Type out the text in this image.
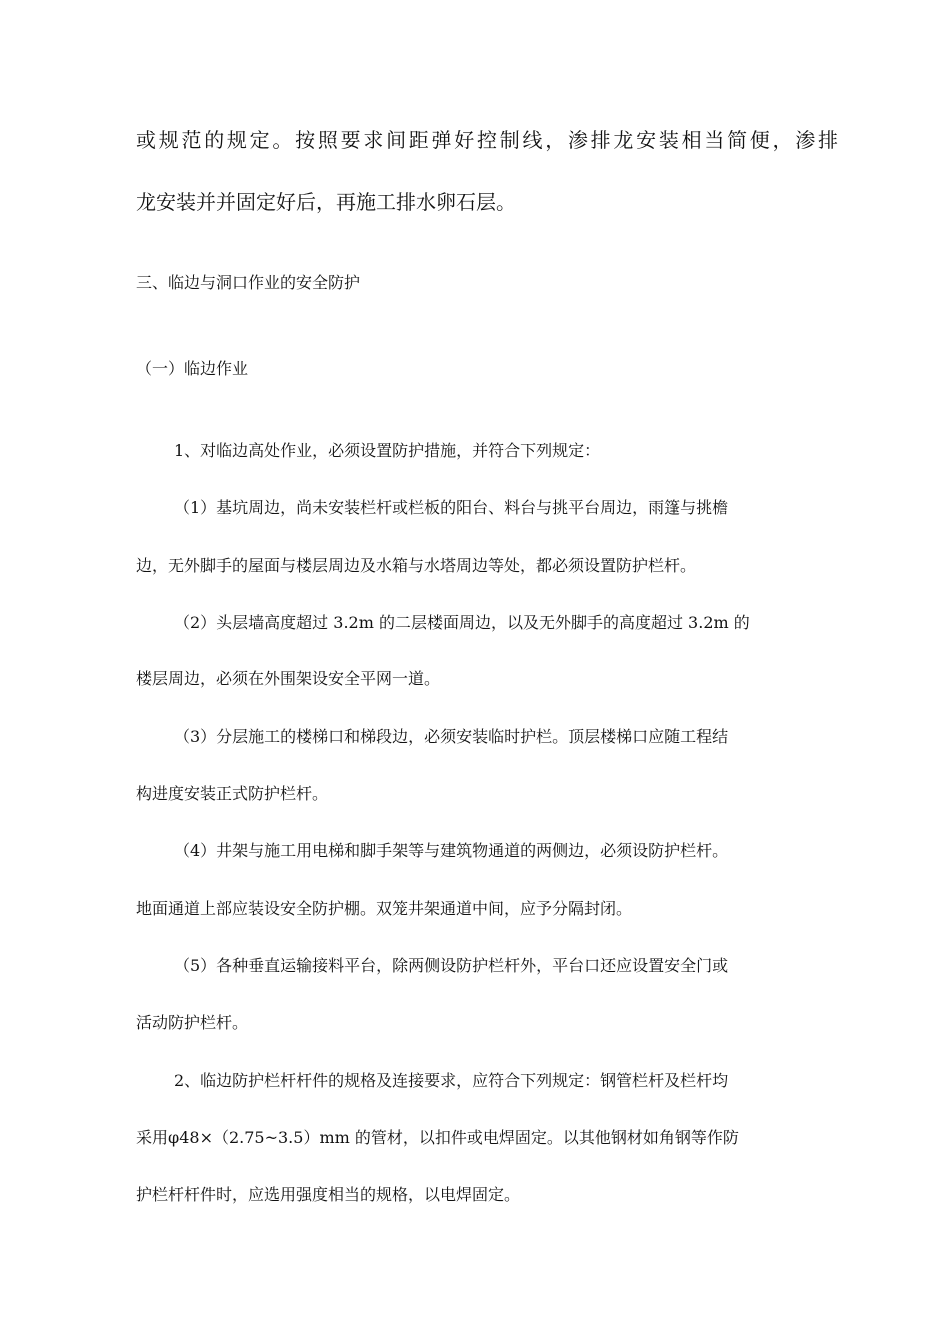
或规范的规定。按照要求间距弹好控制线，渗排龙安装相当简便，渗排
龙安装并并固定好后，再施工排水卵石层。
三、临边与洞口作业的安全防护
（一）临边作业
1、对临边高处作业，必须设置防护措施，并符合下列规定：
（1）基坑周边，尚未安装栏杆或栏板的阳台、料台与挑平台周边，雨篷与挑檐
边，无外脚手的屋面与楼层周边及水箱与水塔周边等处，都必须设置防护栏杆。
（2）头层墙高度超过 3.2m 的二层楼面周边，以及无外脚手的高度超过 3.2m 的
楼层周边，必须在外围架设安全平网一道。
（3）分层施工的楼梯口和梯段边，必须安装临时护栏。顶层楼梯口应随工程结
构进度安装正式防护栏杆。
（4）井架与施工用电梯和脚手架等与建筑物通道的两侧边，必须设防护栏杆。
地面通道上部应装设安全防护棚。双笼井架通道中间，应予分隔封闭。
（5）各种垂直运输接料平台，除两侧设防护栏杆外，平台口还应设置安全门或
活动防护栏杆。
2、临边防护栏杆杆件的规格及连接要求，应符合下列规定：钢管栏杆及栏杆均
采用φ48×（2.75~3.5）mm 的管材，以扣件或电焊固定。以其他钢材如角钢等作防
护栏杆杆件时，应选用强度相当的规格，以电焊固定。
